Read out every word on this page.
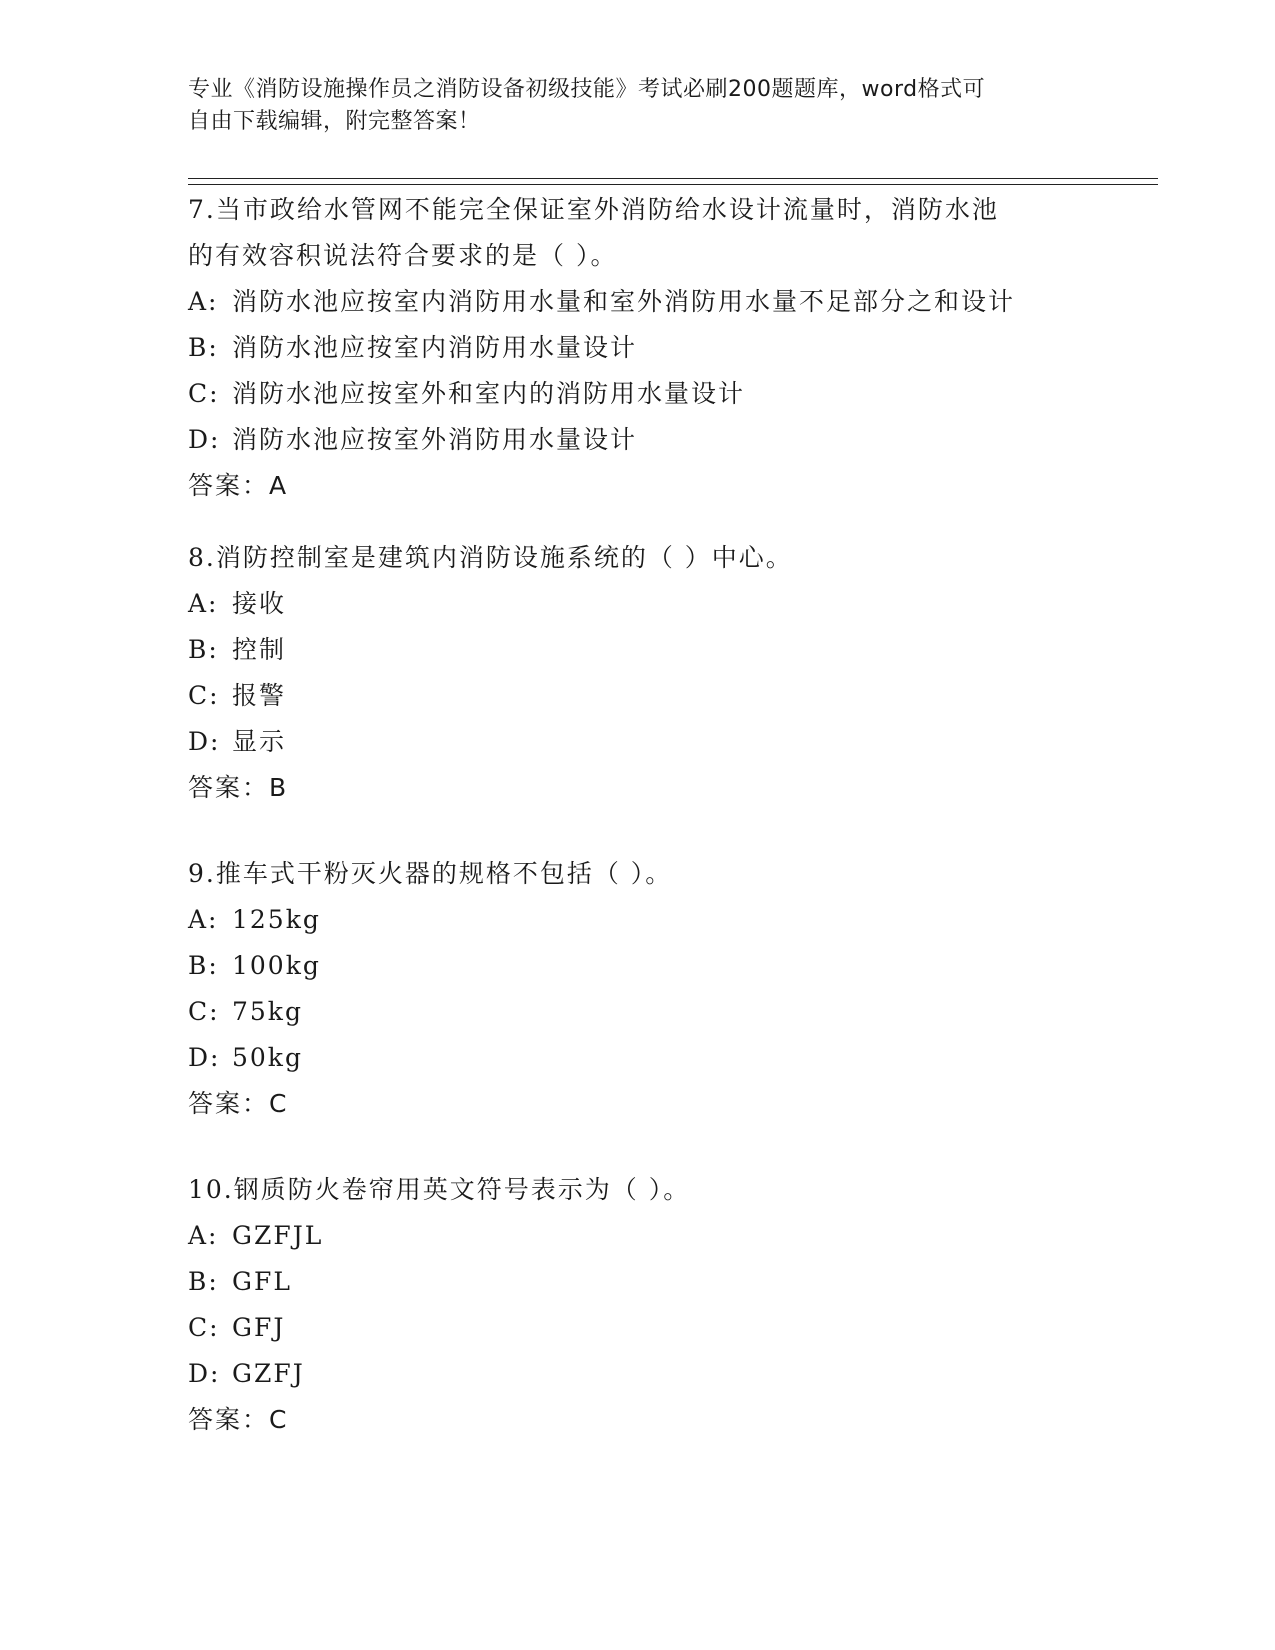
专业《消防设施操作员之消防设备初级技能》考试必刷200题题库，word格式可
自由下载编辑，附完整答案！
7.当市政给水管网不能完全保证室外消防给水设计流量时，消防水池
的有效容积说法符合要求的是（ ）。
A: 消防水池应按室内消防用水量和室外消防用水量不足部分之和设计
B: 消防水池应按室内消防用水量设计
C: 消防水池应按室外和室内的消防用水量设计
D: 消防水池应按室外消防用水量设计
答案：A
8.消防控制室是建筑内消防设施系统的（ ）中心。
A: 接收
B: 控制
C: 报警
D: 显示
答案：B
9.推车式干粉灭火器的规格不包括（ ）。
A: 125kg
B: 100kg
C: 75kg
D: 50kg
答案：C
10.钢质防火卷帘用英文符号表示为（ ）。
A: GZFJL
B: GFL
C: GFJ
D: GZFJ
答案：C
